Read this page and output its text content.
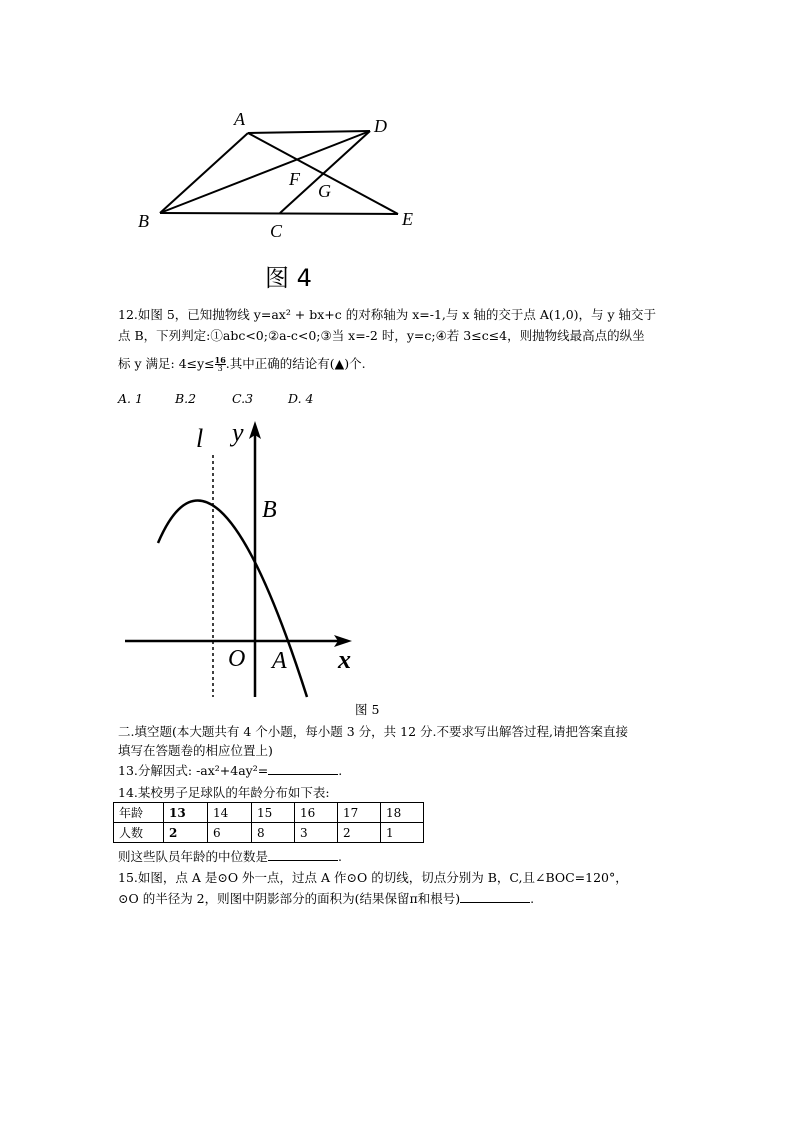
A	D
B	C
E
F
G
图 4
12.如图 5，已知抛物线 y=ax² + bx+c 的对称轴为 x=-1,与 x 轴的交于点 A(1,0)，与 y 轴交于
点 B，下列判定:①abc<0;②a-c<0;③当 x=-2 时，y=c;④若 3≤c≤4，则抛物线最高点的纵坐
标 y 满足: $4\le y\le \frac{16}{3}$ .其中正确的结论有(▲)个.
A. 1	B.2	C.3	D. 4
l y
B
O A x
图 5
二.填空题(本大题共有 4 个小题，每小题 3 分，共 12 分.不要求写出解答过程,请把答案直接
填写在答题卷的相应位置上)
13.分解因式: -ax²+4ay²=	.
14.某校男子足球队的年龄分布如下表:
年龄	13	14	15	16	17	18
人数	2	6	8	3	2	1
则这些队员年龄的中位数是	.
15.如图，点 A 是⊙O 外一点，过点 A 作⊙O 的切线，切点分别为 B，C,且∠BOC=120°，
⊙O 的半径为 2，则图中阴影部分的面积为(结果保留π和根号)	.
